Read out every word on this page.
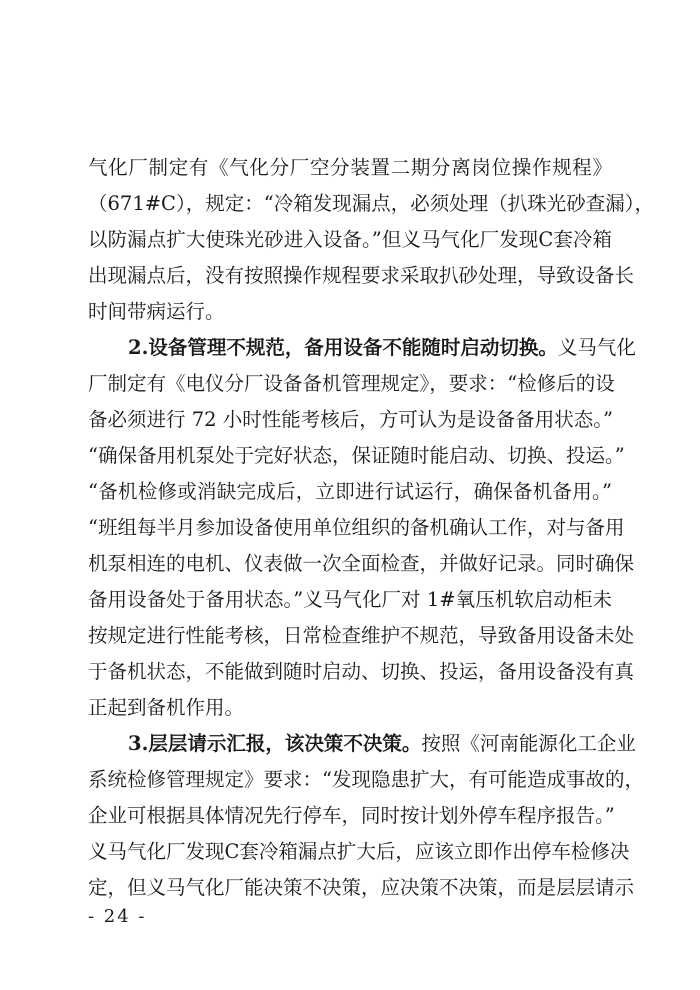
气化厂制定有《气化分厂空分装置二期分离岗位操作规程》
（671#C），规定：“冷箱发现漏点，必须处理（扒珠光砂查漏），
以防漏点扩大使珠光砂进入设备。”但义马气化厂发现C套冷箱
出现漏点后，没有按照操作规程要求采取扒砂处理，导致设备长
时间带病运行。
2.设备管理不规范，备用设备不能随时启动切换。义马气化
厂制定有《电仪分厂设备备机管理规定》，要求：“检修后的设
备必须进行 72 小时性能考核后，方可认为是设备备用状态。”
“确保备用机泵处于完好状态，保证随时能启动、切换、投运。”
“备机检修或消缺完成后，立即进行试运行，确保备机备用。”
“班组每半月参加设备使用单位组织的备机确认工作，对与备用
机泵相连的电机、仪表做一次全面检查，并做好记录。同时确保
备用设备处于备用状态。”义马气化厂对 1#氧压机软启动柜未
按规定进行性能考核，日常检查维护不规范，导致备用设备未处
于备机状态，不能做到随时启动、切换、投运，备用设备没有真
正起到备机作用。
3.层层请示汇报，该决策不决策。按照《河南能源化工企业
系统检修管理规定》要求：“发现隐患扩大，有可能造成事故的，
企业可根据具体情况先行停车，同时按计划外停车程序报告。”
义马气化厂发现C套冷箱漏点扩大后，应该立即作出停车检修决
定，但义马气化厂能决策不决策，应决策不决策，而是层层请示
- 24 -
